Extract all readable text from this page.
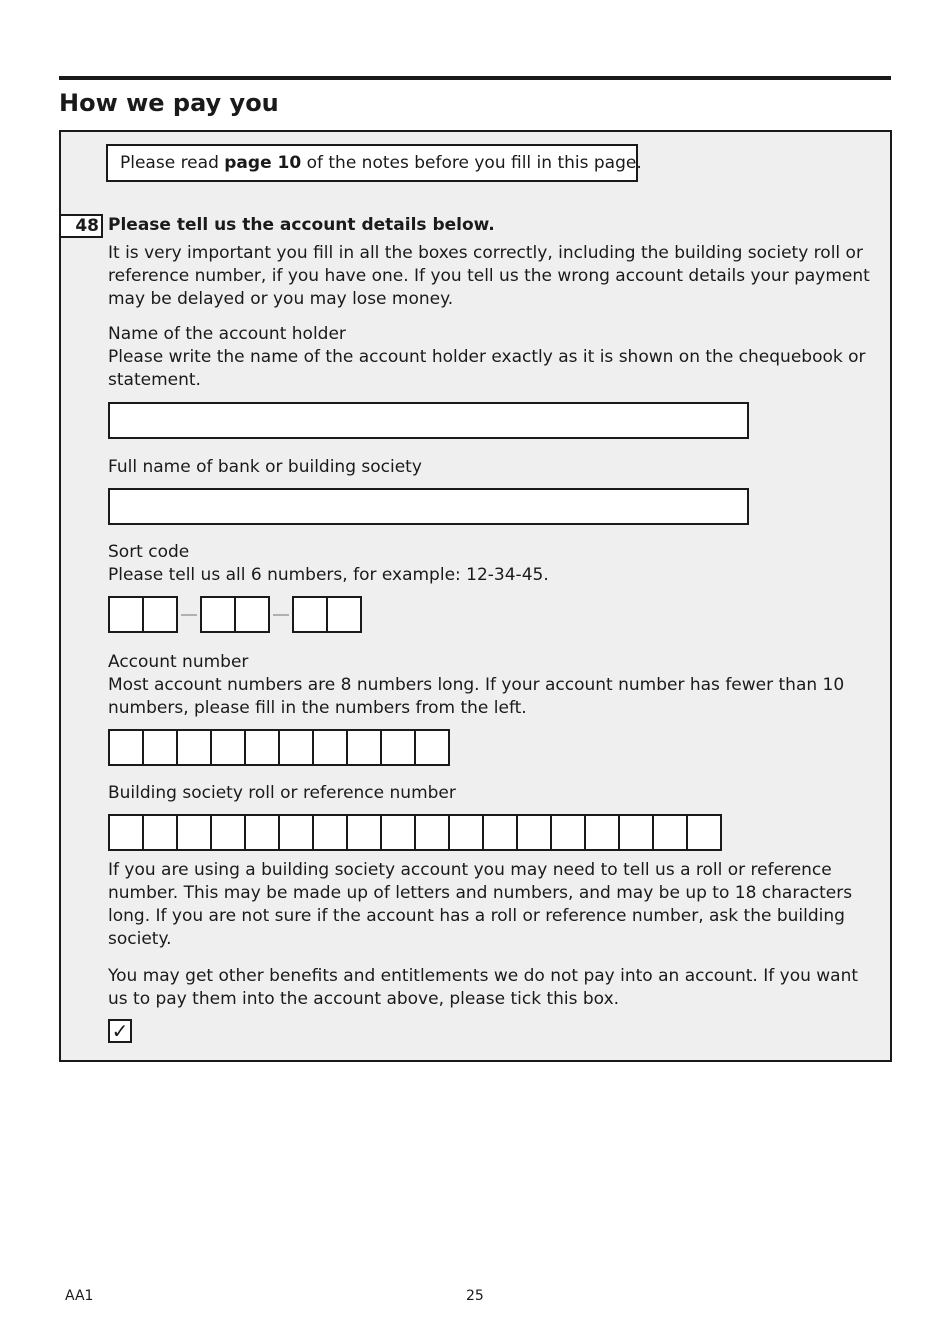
How we pay you
Please read page 10 of the notes before you fill in this page.
48 Please tell us the account details below.
It is very important you fill in all the boxes correctly, including the building society roll or reference number, if you have one. If you tell us the wrong account details your payment may be delayed or you may lose money.
Name of the account holder
Please write the name of the account holder exactly as it is shown on the chequebook or statement.
Full name of bank or building society
Sort code
Please tell us all 6 numbers, for example: 12-34-45.
Account number
Most account numbers are 8 numbers long. If your account number has fewer than 10 numbers, please fill in the numbers from the left.
Building society roll or reference number
If you are using a building society account you may need to tell us a roll or reference number. This may be made up of letters and numbers, and may be up to 18 characters long. If you are not sure if the account has a roll or reference number, ask the building society.
You may get other benefits and entitlements we do not pay into an account. If you want us to pay them into the account above, please tick this box.
✓
AA1	25
